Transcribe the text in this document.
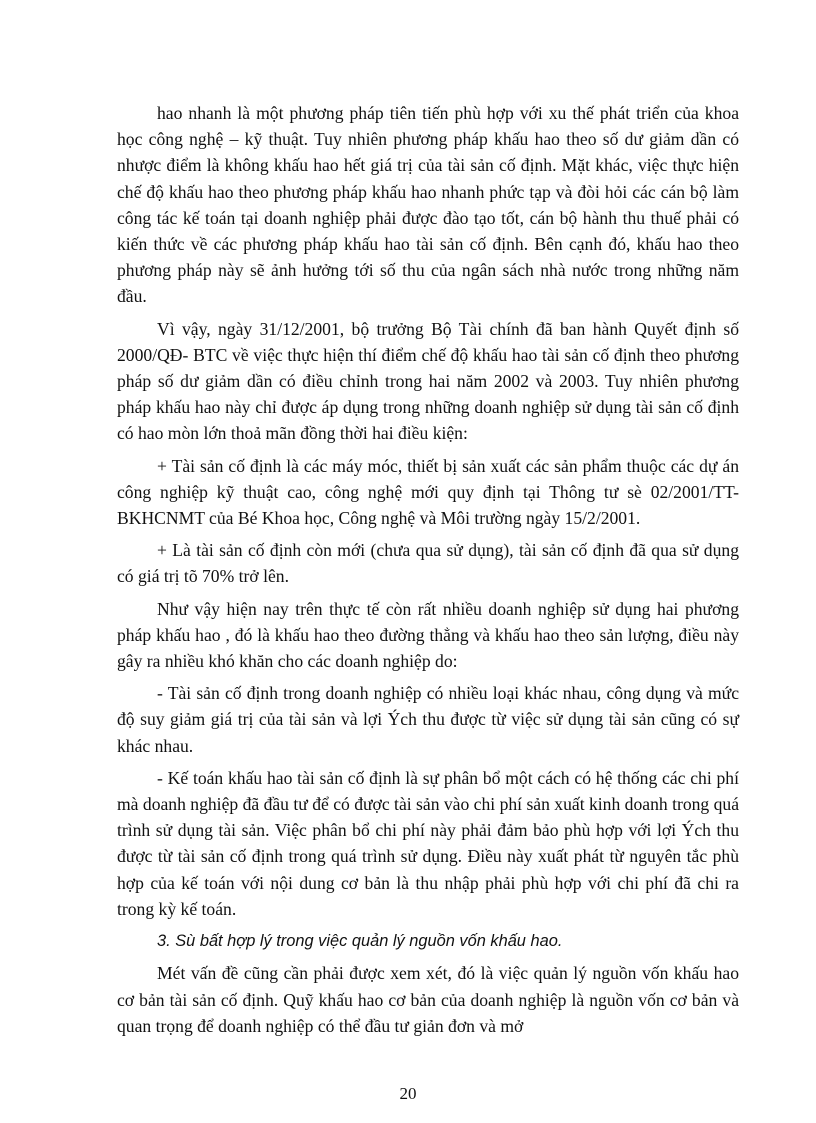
hao nhanh là một phương pháp tiên tiến phù hợp với xu thế phát triển của khoa học công nghệ – kỹ thuật. Tuy nhiên phương pháp khấu hao theo số dư giảm dần có nhược điểm là không khấu hao hết giá trị của tài sản cố định. Mặt khác, việc thực hiện chế độ khấu hao theo phương pháp khấu hao nhanh phức tạp và đòi hỏi các cán bộ làm công tác kế toán tại doanh nghiệp phải được đào tạo tốt, cán bộ hành thu thuế phải có kiến thức về các phương pháp khấu hao tài sản cố định. Bên cạnh đó, khấu hao theo phương pháp này sẽ ảnh hưởng tới số thu của ngân sách nhà nước trong những năm đầu.

Vì vậy, ngày 31/12/2001, bộ trưởng Bộ Tài chính đã ban hành Quyết định số 2000/QĐ- BTC về việc thực hiện thí điểm chế độ khấu hao tài sản cố định theo phương pháp số dư giảm dần có điều chỉnh trong hai năm 2002 và 2003. Tuy nhiên phương pháp khấu hao này chỉ được áp dụng trong những doanh nghiệp sử dụng tài sản cố định có hao mòn lớn thoả mãn đồng thời hai điều kiện:

+ Tài sản cố định là các máy móc, thiết bị sản xuất các sản phẩm thuộc các dự án công nghiệp kỹ thuật cao, công nghệ mới quy định tại Thông tư sè 02/2001/TT- BKHCNMT của Bé Khoa học, Công nghệ và Môi trường ngày 15/2/2001.

+ Là tài sản cố định còn mới (chưa qua sử dụng), tài sản cố định đã qua sử dụng có giá trị tõ 70% trở lên.

Như vậy hiện nay trên thực tế còn rất nhiều doanh nghiệp sử dụng hai phương pháp khấu hao , đó là khấu hao theo đường thẳng và khấu hao theo sản lượng, điều này gây ra nhiều khó khăn cho các doanh nghiệp do:

- Tài sản cố định trong doanh nghiệp có nhiều loại khác nhau, công dụng và mức độ suy giảm giá trị của tài sản và lợi Ých thu được từ việc sử dụng tài sản cũng có sự khác nhau.

- Kế toán khấu hao tài sản cố định là sự phân bổ một cách có hệ thống các chi phí mà doanh nghiệp đã đầu tư để có được tài sản vào chi phí sản xuất kinh doanh trong quá trình sử dụng tài sản. Việc phân bổ chi phí này phải đảm bảo phù hợp với lợi Ých thu được từ tài sản cố định trong quá trình sử dụng. Điều này xuất phát từ nguyên tắc phù hợp của kế toán với nội dung cơ bản là thu nhập phải phù hợp với chi phí đã chi ra trong kỳ kế toán.

3. Sù bất hợp lý trong việc quản lý nguồn vốn khấu hao.

Mét vấn đề cũng cần phải được xem xét, đó là việc quản lý nguồn vốn khấu hao cơ bản tài sản cố định. Quỹ khấu hao cơ bản của doanh nghiệp là nguồn vốn cơ bản và quan trọng để doanh nghiệp có thể đầu tư giản đơn và mở

20
